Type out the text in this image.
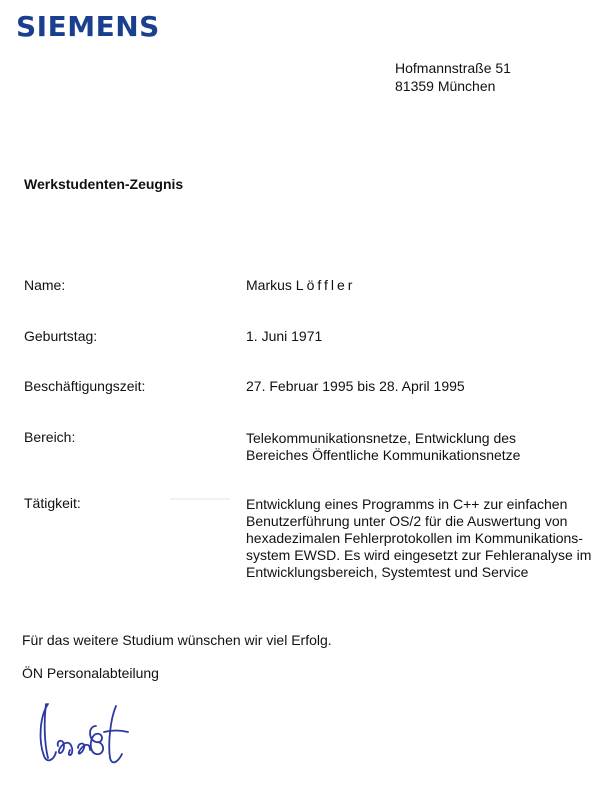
SIEMENS
Hofmannstraße 51
81359 München
Werkstudenten-Zeugnis
Name:	Markus Löffler
Geburtstag:	1. Juni 1971
Beschäftigungszeit:	27. Februar 1995 bis 28. April 1995
Bereich:	Telekommunikationsnetze, Entwicklung des
Bereiches Öffentliche Kommunikationsnetze
Tätigkeit:	Entwicklung eines Programms in C++ zur einfachen
Benutzerführung unter OS/2 für die Auswertung von
hexadezimalen Fehlerprotokollen im Kommunikations-
system EWSD. Es wird eingesetzt zur Fehleranalyse im
Entwicklungsbereich, Systemtest und Service
Für das weitere Studium wünschen wir viel Erfolg.
ÖN Personalabteilung
